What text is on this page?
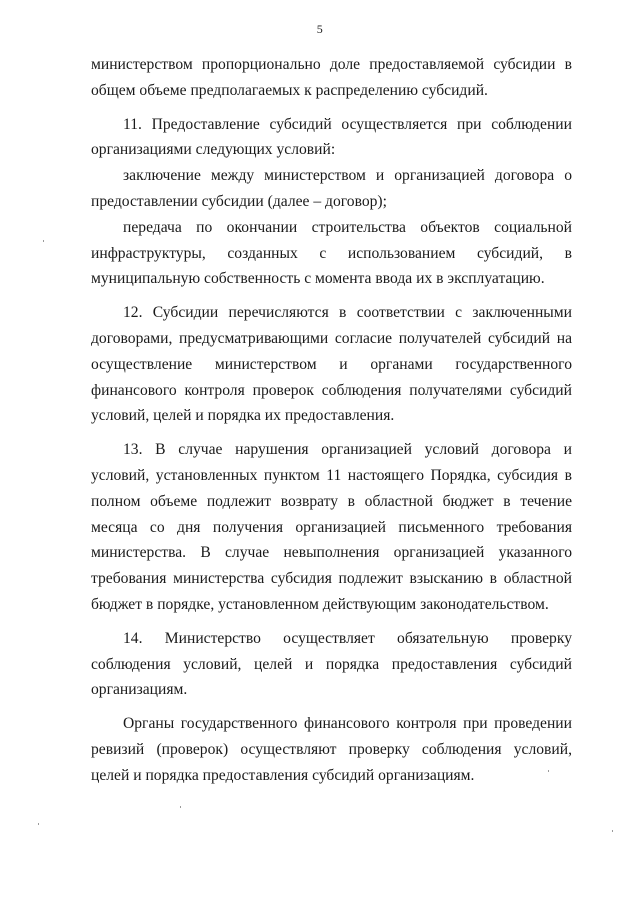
5

министерством пропорционально доле предоставляемой субсидии в общем объеме предполагаемых к распределению субсидий.

11. Предоставление субсидий осуществляется при соблюдении организациями следующих условий:

заключение между министерством и организацией договора о предоставлении субсидии (далее – договор);

передача по окончании строительства объектов социальной инфраструктуры, созданных с использованием субсидий, в муниципальную собственность с момента ввода их в эксплуатацию.

12. Субсидии перечисляются в соответствии с заключенными договорами, предусматривающими согласие получателей субсидий на осуществление министерством и органами государственного финансового контроля проверок соблюдения получателями субсидий условий, целей и порядка их предоставления.

13. В случае нарушения организацией условий договора и условий, установленных пунктом 11 настоящего Порядка, субсидия в полном объеме подлежит возврату в областной бюджет в течение месяца со дня получения организацией письменного требования министерства. В случае невыполнения организацией указанного требования министерства субсидия подлежит взысканию в областной бюджет в порядке, установленном действующим законодательством.

14. Министерство осуществляет обязательную проверку соблюдения условий, целей и порядка предоставления субсидий организациям.

Органы государственного финансового контроля при проведении ревизий (проверок) осуществляют проверку соблюдения условий, целей и порядка предоставления субсидий организациям.
